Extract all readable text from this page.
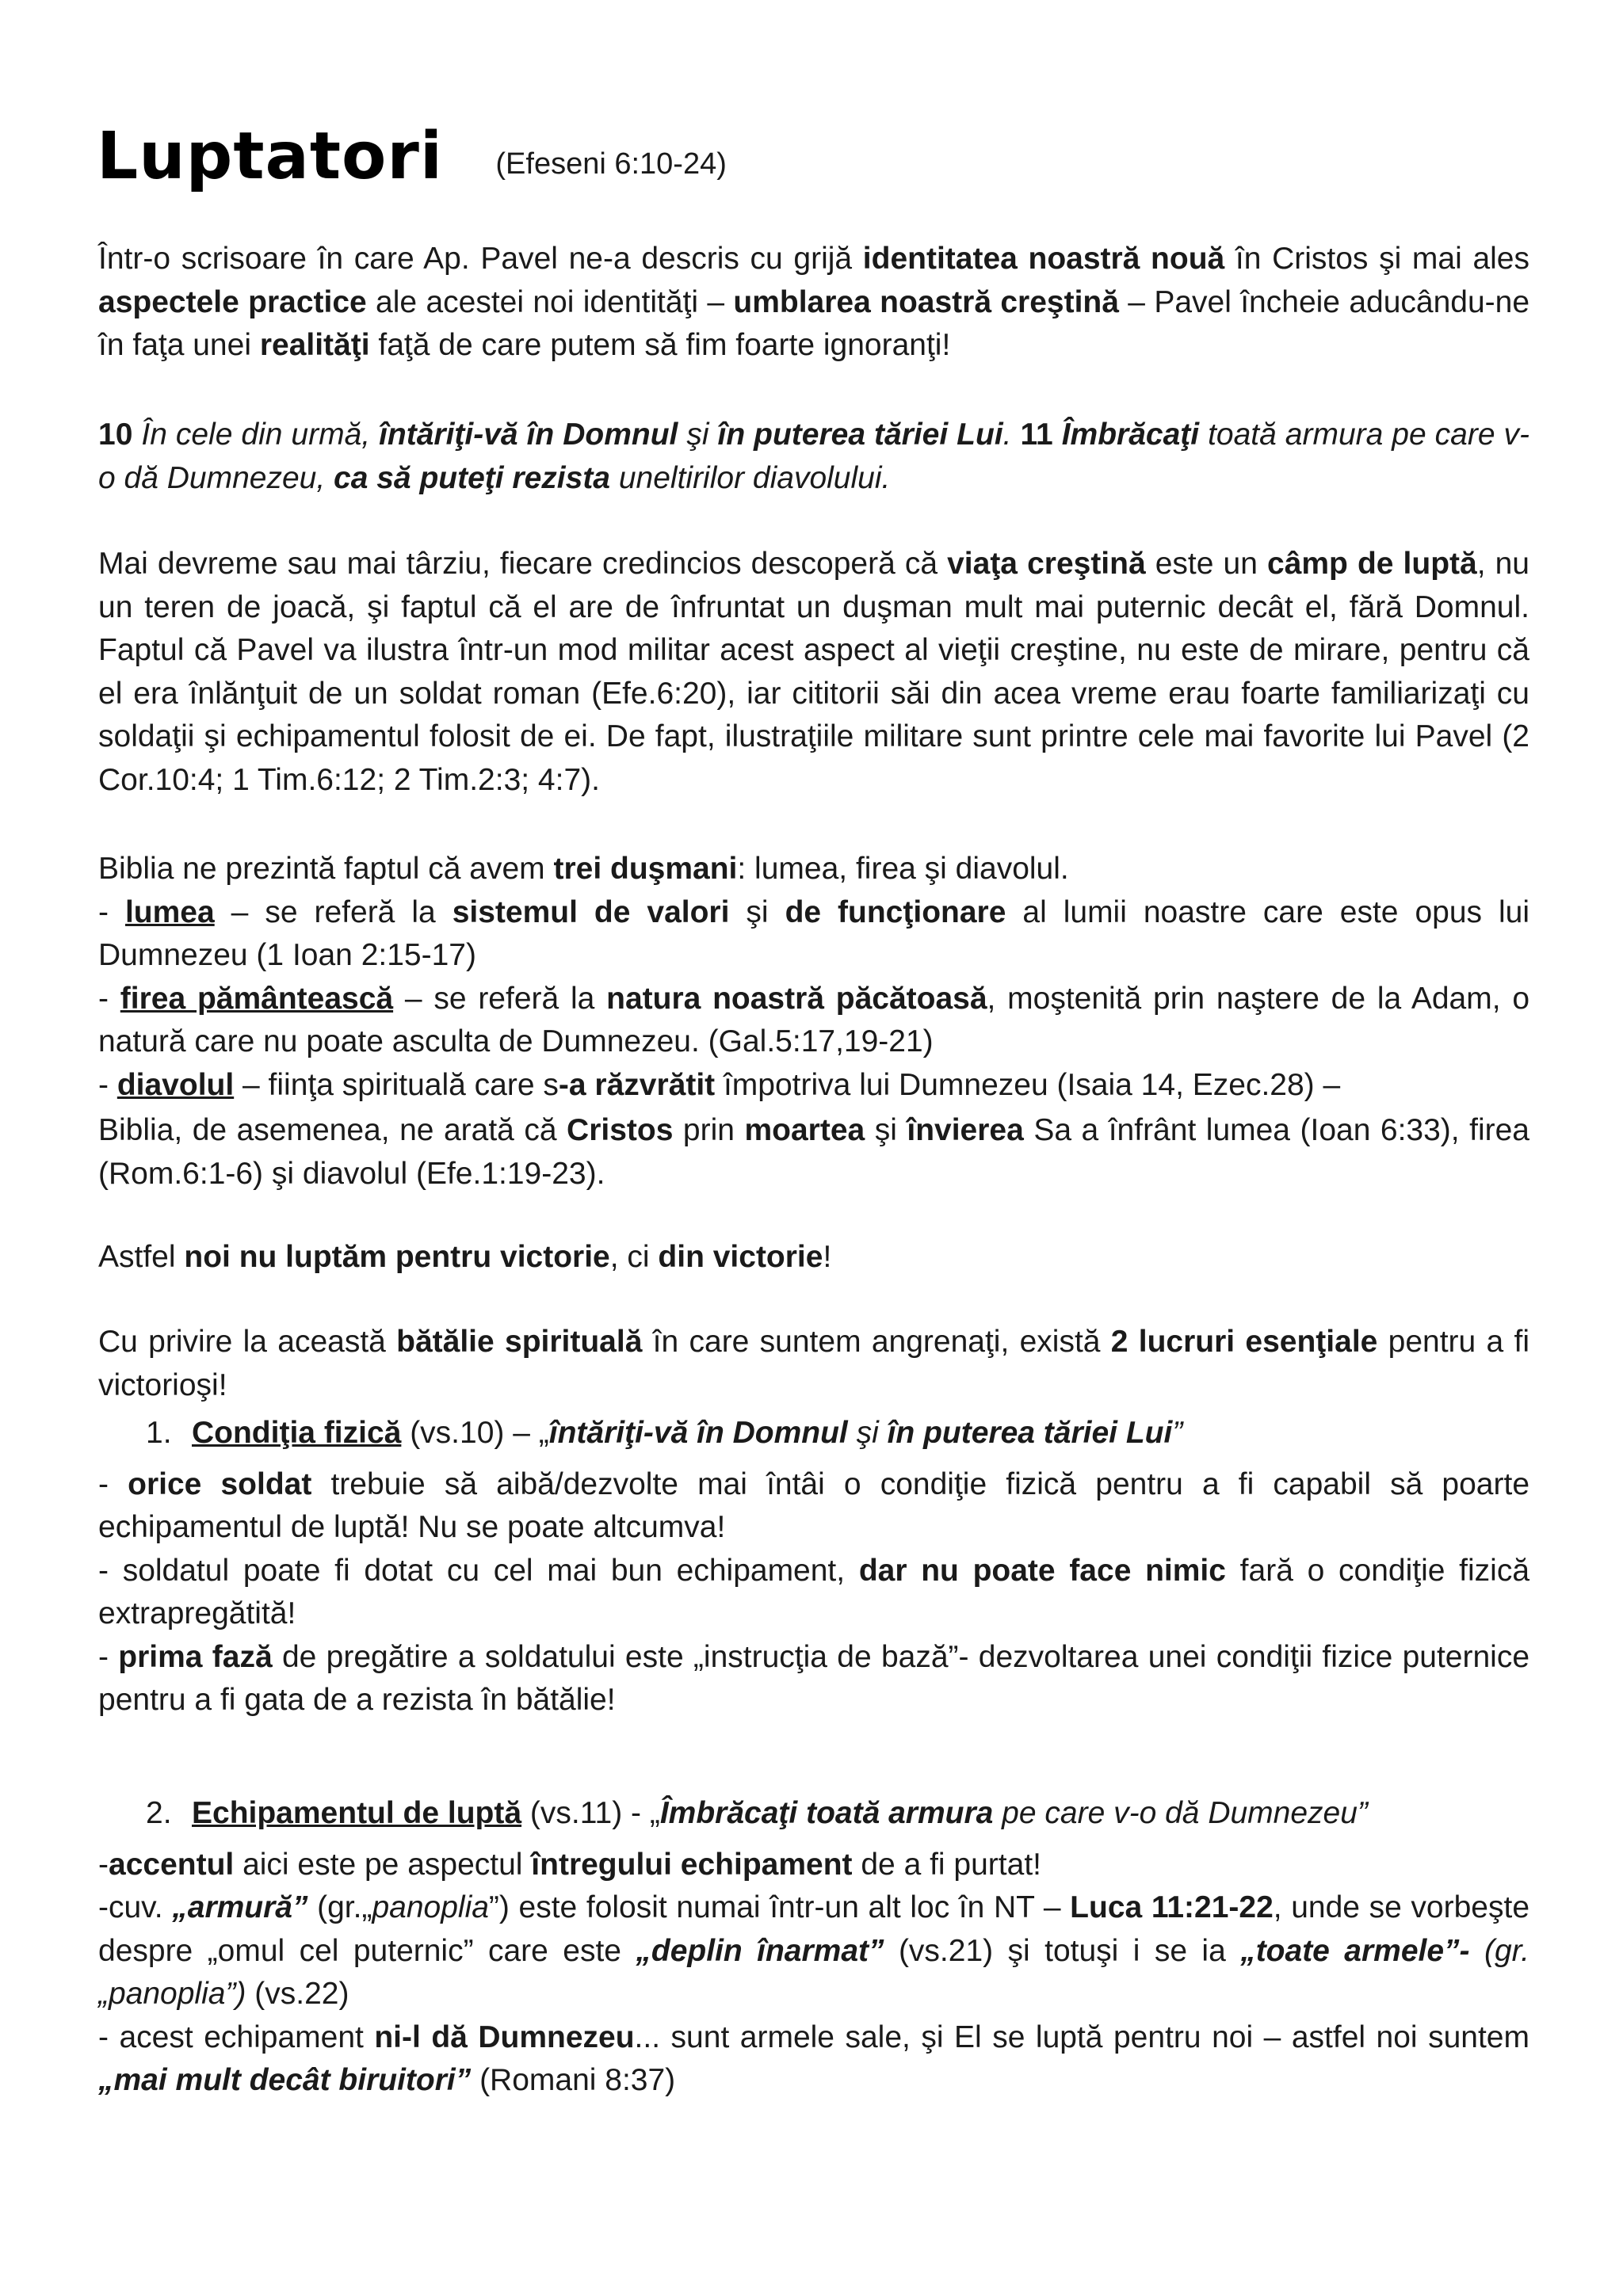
Luptatori (Efeseni 6:10-24)

Într-o scrisoare în care Ap. Pavel ne-a descris cu grijă identitatea noastră nouă în Cristos şi mai ales aspectele practice ale acestei noi identităţi – umblarea noastră creştină – Pavel încheie aducându-ne în faţa unei realităţi faţă de care putem să fim foarte ignoranţi!

10 În cele din urmă, întăriţi-vă în Domnul şi în puterea tăriei Lui. 11 Îmbrăcaţi toată armura pe care v-o dă Dumnezeu, ca să puteţi rezista uneltirilor diavolului.

Mai devreme sau mai târziu, fiecare credincios descoperă că viaţa creştină este un câmp de luptă, nu un teren de joacă, şi faptul că el are de înfruntat un duşman mult mai puternic decât el, fără Domnul. Faptul că Pavel va ilustra într-un mod militar acest aspect al vieţii creştine, nu este de mirare, pentru că el era înlănţuit de un soldat roman (Efe.6:20), iar cititorii săi din acea vreme erau foarte familiarizaţi cu soldaţii şi echipamentul folosit de ei. De fapt, ilustraţiile militare sunt printre cele mai favorite lui Pavel (2 Cor.10:4; 1 Tim.6:12; 2 Tim.2:3; 4:7).

Biblia ne prezintă faptul că avem trei duşmani: lumea, firea şi diavolul.

- lumea – se referă la sistemul de valori şi de funcţionare al lumii noastre care este opus lui Dumnezeu (1 Ioan 2:15-17)

- firea pământească – se referă la natura noastră păcătoasă, moştenită prin naştere de la Adam, o natură care nu poate asculta de Dumnezeu. (Gal.5:17,19-21)

- diavolul – fiinţa spirituală care s-a răzvrătit împotriva lui Dumnezeu (Isaia 14, Ezec.28) –

Biblia, de asemenea, ne arată că Cristos prin moartea şi învierea Sa a înfrânt lumea (Ioan 6:33), firea (Rom.6:1-6) şi diavolul (Efe.1:19-23).

Astfel noi nu luptăm pentru victorie, ci din victorie!

Cu privire la această bătălie spirituală în care suntem angrenaţi, există 2 lucruri esenţiale pentru a fi victorioşi!

1. Condiţia fizică (vs.10) – „întăriţi-vă în Domnul şi în puterea tăriei Lui”

- orice soldat trebuie să aibă/dezvolte mai întâi o condiţie fizică pentru a fi capabil să poarte echipamentul de luptă! Nu se poate altcumva!

- soldatul poate fi dotat cu cel mai bun echipament, dar nu poate face nimic fară o condiţie fizică extrapregătită!

- prima fază de pregătire a soldatului este „instrucţia de bază”- dezvoltarea unei condiţii fizice puternice pentru a fi gata de a rezista în bătălie!

2. Echipamentul de luptă (vs.11) - „Îmbrăcaţi toată armura pe care v-o dă Dumnezeu”

-accentul aici este pe aspectul întregului echipament de a fi purtat!

-cuv. „armură” (gr.„panoplia”) este folosit numai într-un alt loc în NT – Luca 11:21-22, unde se vorbeşte despre „omul cel puternic” care este „deplin înarmat” (vs.21) şi totuşi i se ia „toate armele”- (gr.„panoplia”) (vs.22)

- acest echipament ni-l dă Dumnezeu... sunt armele sale, şi El se luptă pentru noi – astfel noi suntem „mai mult decât biruitori” (Romani 8:37)
